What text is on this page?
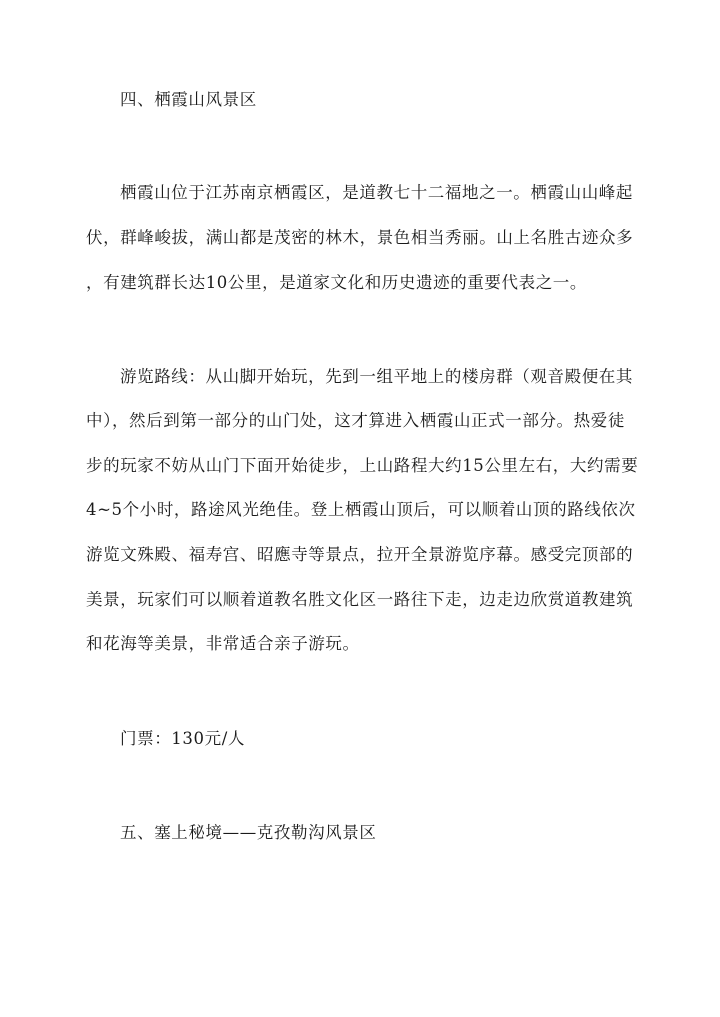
四、栖霞山风景区
栖霞山位于江苏南京栖霞区，是道教七十二福地之一。栖霞山山峰起
伏，群峰峻拔，满山都是茂密的林木，景色相当秀丽。山上名胜古迹众多
，有建筑群长达10公里，是道家文化和历史遗迹的重要代表之一。
游览路线：从山脚开始玩，先到一组平地上的楼房群（观音殿便在其
中），然后到第一部分的山门处，这才算进入栖霞山正式一部分。热爱徒
步的玩家不妨从山门下面开始徒步，上山路程大约15公里左右，大约需要
4~5个小时，路途风光绝佳。登上栖霞山顶后，可以顺着山顶的路线依次
游览文殊殿、福寿宫、昭應寺等景点，拉开全景游览序幕。感受完顶部的
美景，玩家们可以顺着道教名胜文化区一路往下走，边走边欣赏道教建筑
和花海等美景，非常适合亲子游玩。
门票：130元/人
五、塞上秘境——克孜勒沟风景区
